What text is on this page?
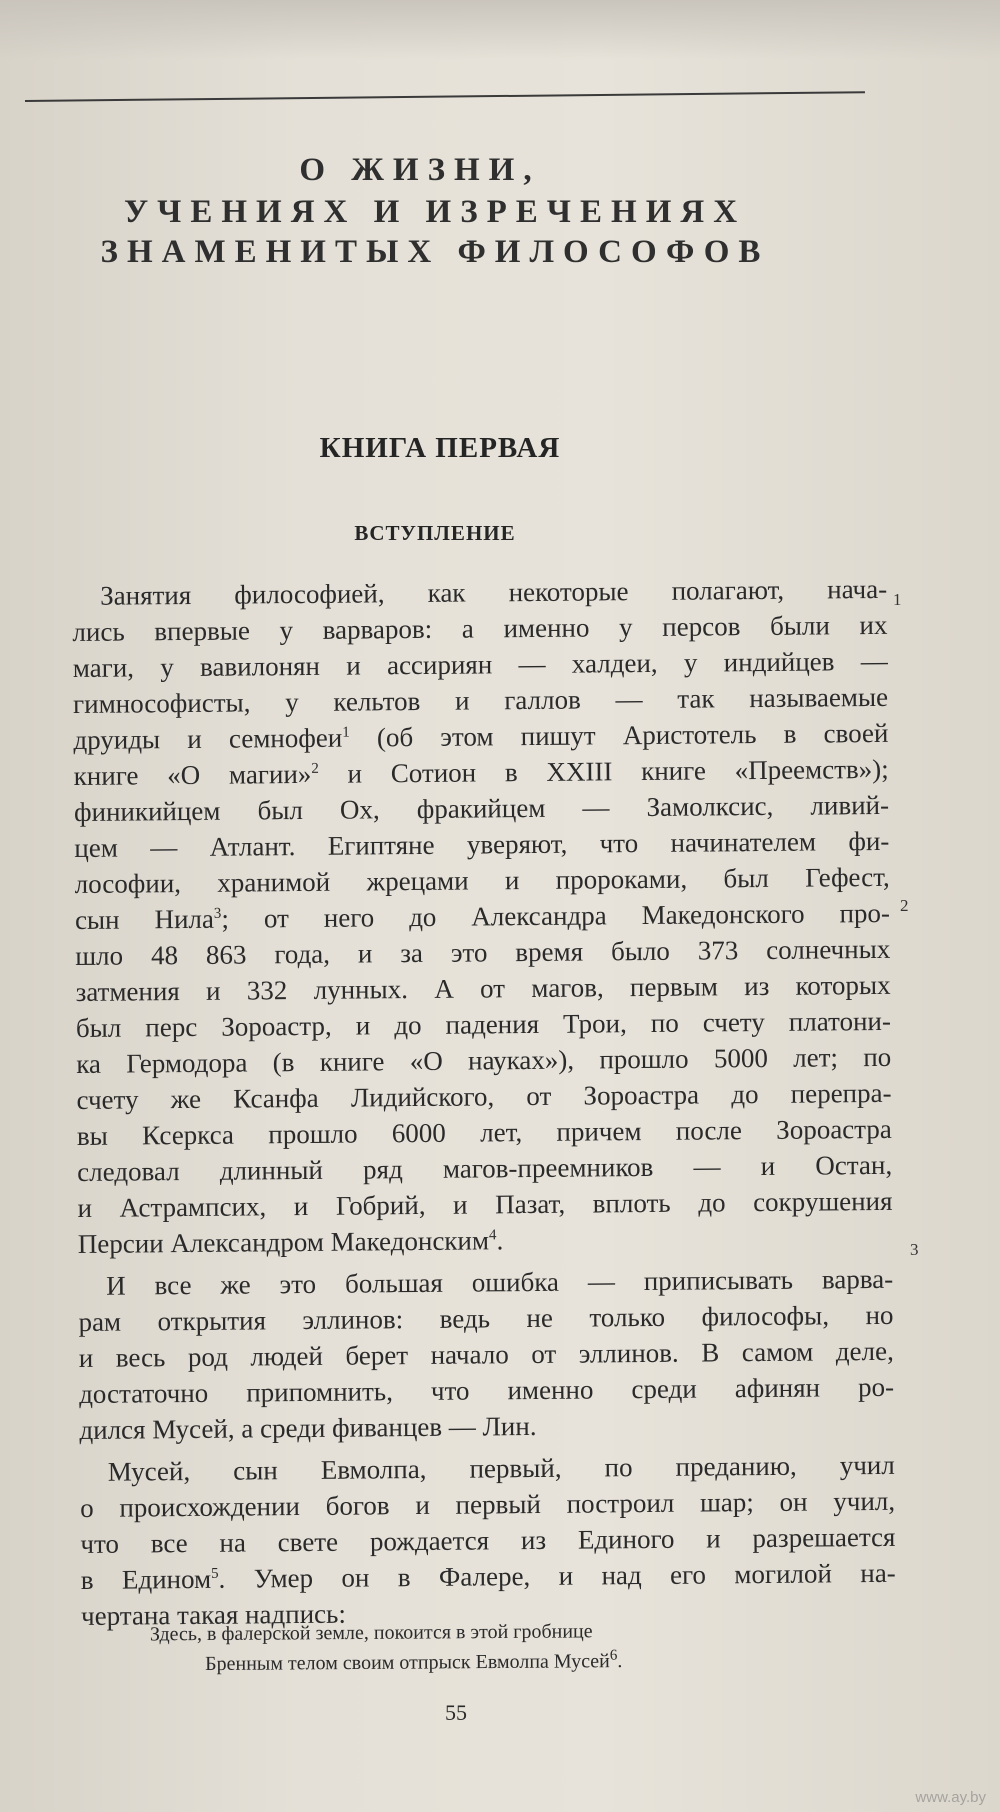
О ЖИЗНИ,
УЧЕНИЯХ И ИЗРЕЧЕНИЯХ
ЗНАМЕНИТЫХ ФИЛОСОФОВ
КНИГА ПЕРВАЯ
ВСТУПЛЕНИЕ
Занятия философией, как некоторые полагают, нача-
лись впервые у варваров: а именно у персов были их
маги, у вавилонян и ассириян — халдеи, у индийцев —
гимнософисты, у кельтов и галлов — так называемые
друиды и семнофеи$^1$ (об этом пишут Аристотель в своей
книге «О магии»$^2$ и Сотион в XXIII книге «Преемств»);
финикийцем был Ох, фракийцем — Замолксис, ливий-
цем — Атлант. Египтяне уверяют, что начинателем фи-
лософии, хранимой жрецами и пророками, был Гефест,
сын Нила$^3$; от него до Александра Македонского про-
шло 48 863 года, и за это время было 373 солнечных
затмения и 332 лунных. А от магов, первым из которых
был перс Зороастр, и до падения Трои, по счету платони-
ка Гермодора (в книге «О науках»), прошло 5000 лет; по
счету же Ксанфа Лидийского, от Зороастра до перепра-
вы Ксеркса прошло 6000 лет, причем после Зороастра
следовал длинный ряд магов-преемников — и Остан,
и Астрампсих, и Гобрий, и Пазат, вплоть до сокрушения
Персии Александром Македонским$^4$.
И все же это большая ошибка — приписывать варва-
рам открытия эллинов: ведь не только философы, но
и весь род людей берет начало от эллинов. В самом деле,
достаточно припомнить, что именно среди афинян ро-
дился Мусей, а среди фиванцев — Лин.
Мусей, сын Евмолпа, первый, по преданию, учил
о происхождении богов и первый построил шар; он учил,
что все на свете рождается из Единого и разрешается
в Едином$^5$. Умер он в Фалере, и над его могилой на-
чертана такая надпись:
Здесь, в фалерской земле, покоится в этой гробнице
Бренным телом своим отпрыск Евмолпа Мусей$^6$.
1
2
3
55
www.ay.by
